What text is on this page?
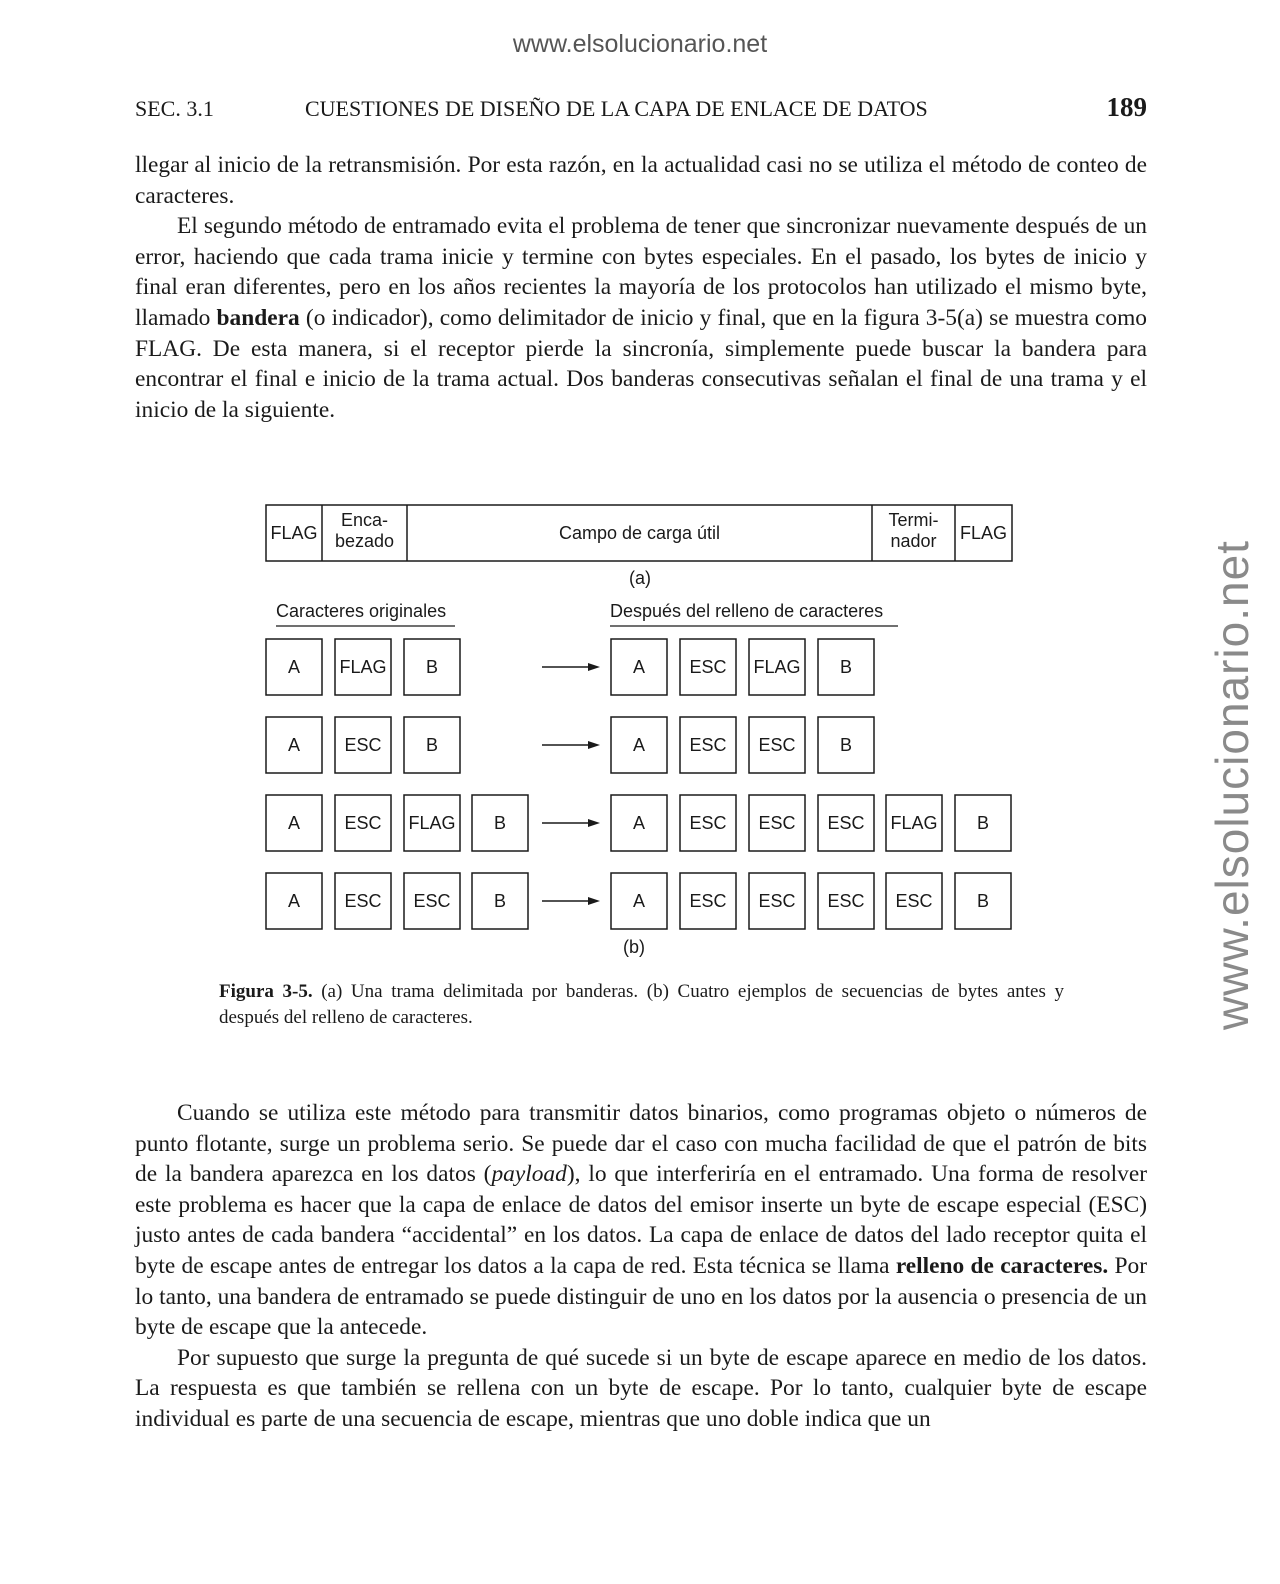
www.elsolucionario.net
www.elsolucionario.net
SEC. 3.1	CUESTIONES DE DISEÑO DE LA CAPA DE ENLACE DE DATOS	189

llegar al inicio de la retransmisión. Por esta razón, en la actualidad casi no se utiliza el método de conteo de caracteres.

El segundo método de entramado evita el problema de tener que sincronizar nuevamente después de un error, haciendo que cada trama inicie y termine con bytes especiales. En el pasado, los bytes de inicio y final eran diferentes, pero en los años recientes la mayoría de los protocolos han utilizado el mismo byte, llamado bandera (o indicador), como delimitador de inicio y final, que en la figura 3-5(a) se muestra como FLAG. De esta manera, si el receptor pierde la sincronía, simplemente puede buscar la bandera para encontrar el final e inicio de la trama actual. Dos banderas consecutivas señalan el final de una trama y el inicio de la siguiente.

FLAG
Enca-bezado	Campo de carga útil
Termi-nador FLAG
(a)
Caracteres originales	Después del relleno de caracteres
A FLAG B	A ESC FLAG B
A ESC B	A ESC ESC B
A ESC FLAG B	A ESC ESC ESC FLAG B
A ESC ESC B	A ESC ESC ESC ESC B
(b)
Figura 3-5. (a) Una trama delimitada por banderas. (b) Cuatro ejemplos de secuencias de bytes antes y después del relleno de caracteres.

Cuando se utiliza este método para transmitir datos binarios, como programas objeto o números de punto flotante, surge un problema serio. Se puede dar el caso con mucha facilidad de que el patrón de bits de la bandera aparezca en los datos (payload), lo que interferiría en el entramado. Una forma de resolver este problema es hacer que la capa de enlace de datos del emisor inserte un byte de escape especial (ESC) justo antes de cada bandera “accidental” en los datos. La capa de enlace de datos del lado receptor quita el byte de escape antes de entregar los datos a la capa de red. Esta técnica se llama relleno de caracteres. Por lo tanto, una bandera de entramado se puede distinguir de uno en los datos por la ausencia o presencia de un byte de escape que la antecede.

Por supuesto que surge la pregunta de qué sucede si un byte de escape aparece en medio de los datos. La respuesta es que también se rellena con un byte de escape. Por lo tanto, cualquier byte de escape individual es parte de una secuencia de escape, mientras que uno doble indica que un
